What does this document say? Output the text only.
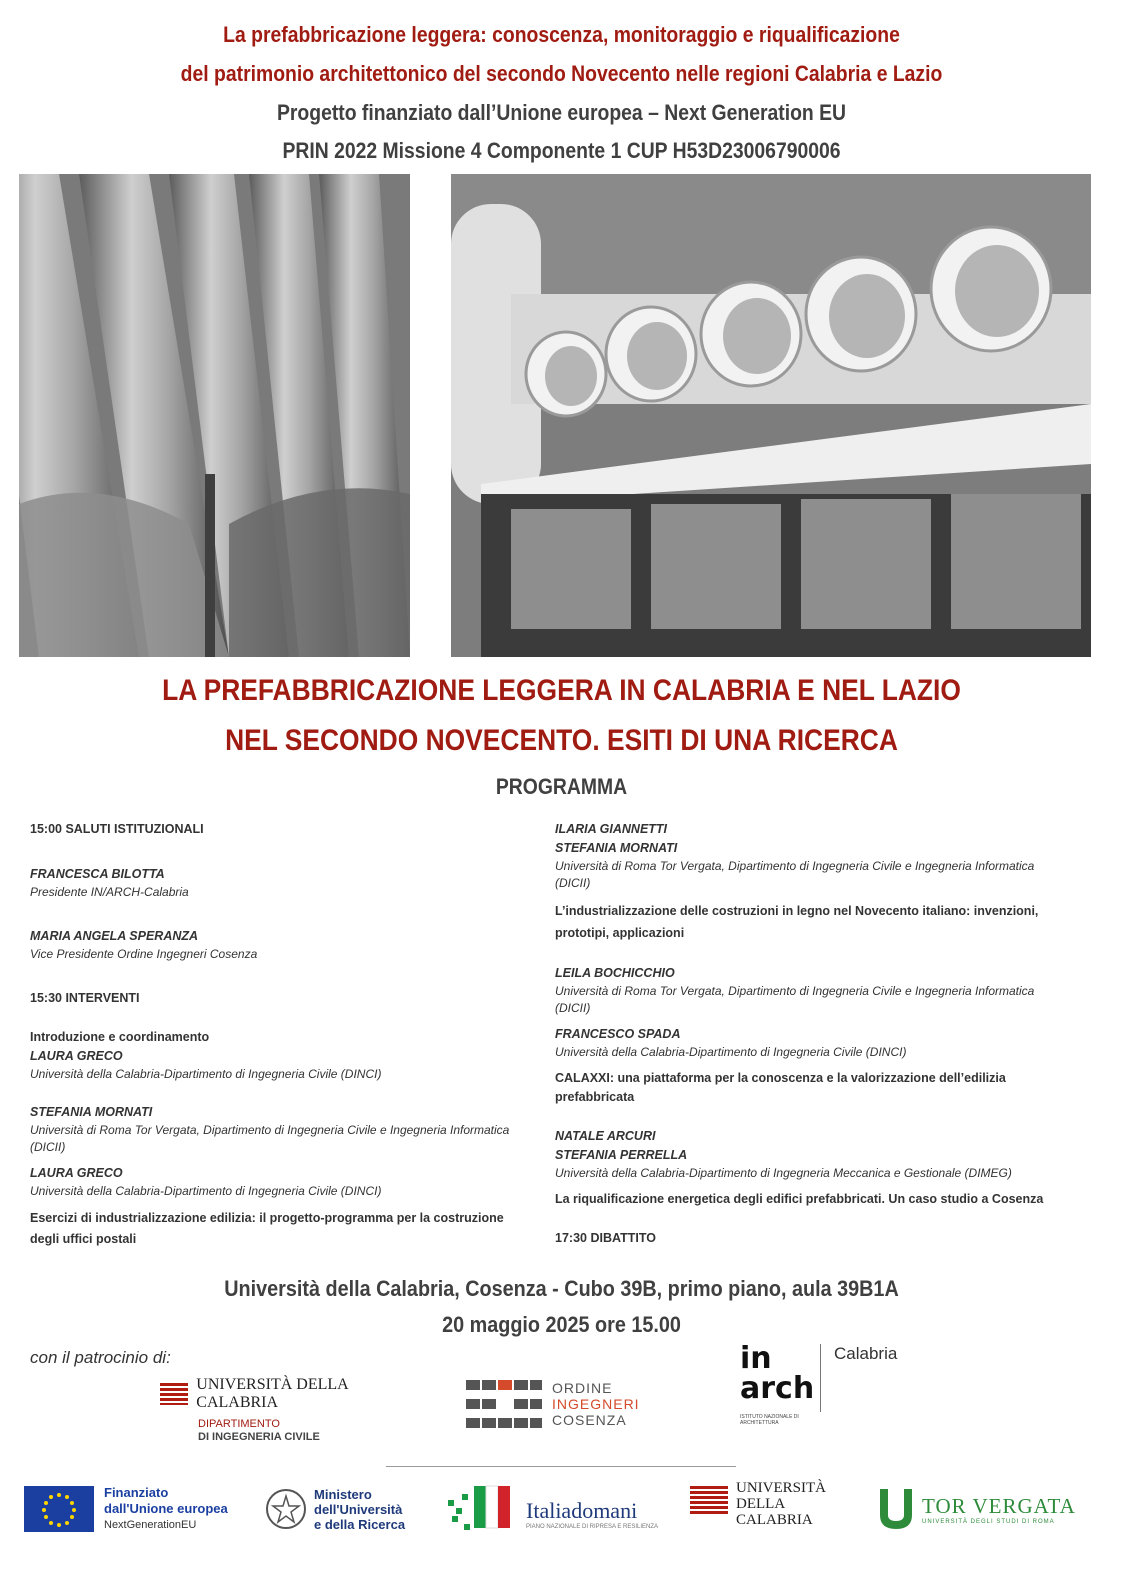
La prefabbricazione leggera: conoscenza, monitoraggio e riqualificazione
del patrimonio architettonico del secondo Novecento nelle regioni Calabria e Lazio
Progetto finanziato dall’Unione europea – Next Generation EU
PRIN 2022 Missione 4 Componente 1 CUP H53D23006790006
LA PREFABBRICAZIONE LEGGERA IN CALABRIA E NEL LAZIO
NEL SECONDO NOVECENTO. ESITI DI UNA RICERCA
PROGRAMMA
15:00 SALUTI ISTITUZIONALI
FRANCESCA BILOTTA
Presidente IN/ARCH-Calabria
MARIA ANGELA SPERANZA
Vice Presidente Ordine Ingegneri Cosenza
15:30 INTERVENTI
Introduzione e coordinamento
LAURA GRECO
Università della Calabria-Dipartimento di Ingegneria Civile (DINCI)
STEFANIA MORNATI
Università di Roma Tor Vergata, Dipartimento di Ingegneria Civile e Ingegneria Informatica (DICII)
LAURA GRECO
Università della Calabria-Dipartimento di Ingegneria Civile (DINCI)
Esercizi di industrializzazione edilizia: il progetto-programma per la costruzione degli uffici postali
ILARIA GIANNETTI
STEFANIA MORNATI
Università di Roma Tor Vergata, Dipartimento di Ingegneria Civile e Ingegneria Informatica (DICII)
L’industrializzazione delle costruzioni in legno nel Novecento italiano: invenzioni, prototipi, applicazioni
LEILA BOCHICCHIO
Università di Roma Tor Vergata, Dipartimento di Ingegneria Civile e Ingegneria Informatica (DICII)
FRANCESCO SPADA
Università della Calabria-Dipartimento di Ingegneria Civile (DINCI)
CALAXXI: una piattaforma per la conoscenza e la valorizzazione dell’edilizia prefabbricata
NATALE ARCURI
STEFANIA PERRELLA
Università della Calabria-Dipartimento di Ingegneria Meccanica e Gestionale (DIMEG)
La riqualificazione energetica degli edifici prefabbricati. Un caso studio a Cosenza
17:30 DIBATTITO
Università della Calabria, Cosenza - Cubo 39B, primo piano, aula 39B1A
20 maggio 2025 ore 15.00
con il patrocinio di:
UNIVERSITÀ DELLA CALABRIA
DIPARTIMENTO
DI INGEGNERIA CIVILE
ORDINE
INGEGNERI
COSENZA
in
arch
ISTITUTO NAZIONALE DI ARCHITETTURA
Calabria
Finanziato
dall'Unione europea
NextGenerationEU
Ministero
dell'Università
e della Ricerca
Italiadomani
PIANO NAZIONALE DI RIPRESA E RESILIENZA
UNIVERSITÀ
DELLA
CALABRIA
TOR VERGATA
UNIVERSITÀ DEGLI STUDI DI ROMA
